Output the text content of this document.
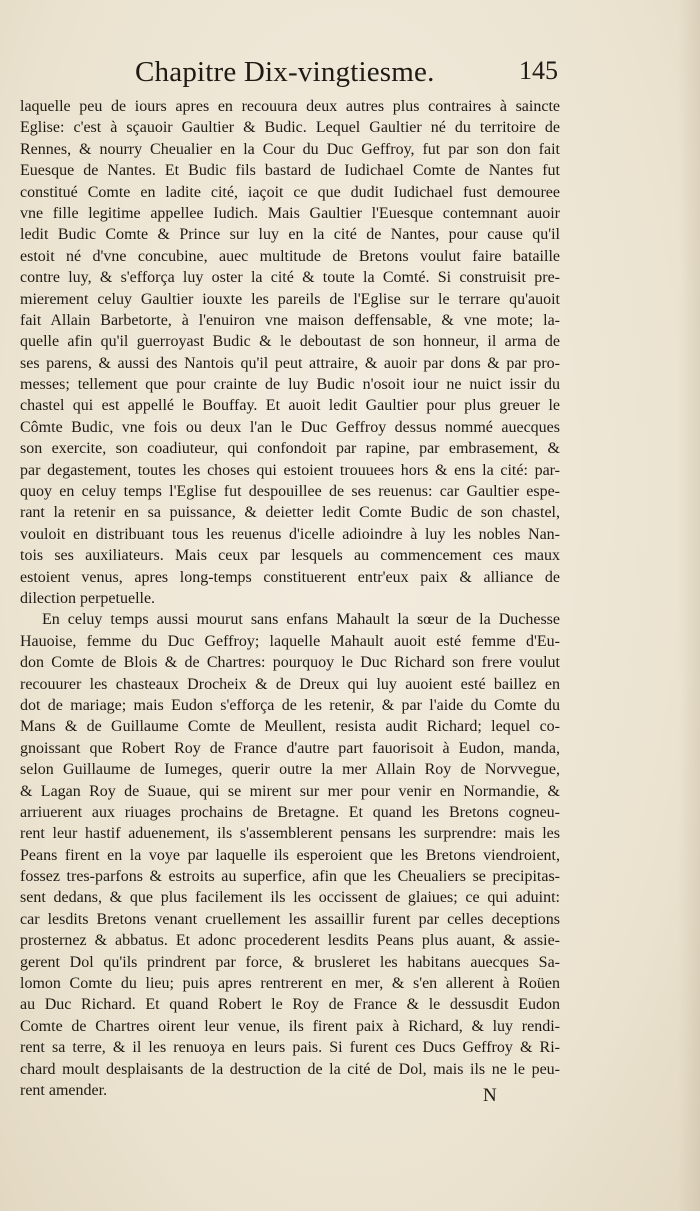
Chapitre Dix-vingtiesme.	145
laquelle peu de iours apres en recouura deux autres plus contraires à saincte
Eglise: c'est à sçauoir Gaultier & Budic. Lequel Gaultier né du territoire de
Rennes, & nourry Cheualier en la Cour du Duc Geffroy, fut par son don fait
Euesque de Nantes. Et Budic fils bastard de Iudichael Comte de Nantes fut
constitué Comte en ladite cité, iaçoit ce que dudit Iudichael fust demouree
vne fille legitime appellee Iudich. Mais Gaultier l'Euesque contemnant auoir
ledit Budic Comte & Prince sur luy en la cité de Nantes, pour cause qu'il
estoit né d'vne concubine, auec multitude de Bretons voulut faire bataille
contre luy, & s'efforça luy oster la cité & toute la Comté. Si construisit pre-
mierement celuy Gaultier iouxte les pareils de l'Eglise sur le terrare qu'auoit
fait Allain Barbetorte, à l'enuiron vne maison deffensable, & vne mote; la-
quelle afin qu'il guerroyast Budic & le deboutast de son honneur, il arma de
ses parens, & aussi des Nantois qu'il peut attraire, & auoir par dons & par pro-
messes; tellement que pour crainte de luy Budic n'osoit iour ne nuict issir du
chastel qui est appellé le Bouffay. Et auoit ledit Gaultier pour plus greuer le
Cômte Budic, vne fois ou deux l'an le Duc Geffroy dessus nommé auecques
son exercite, son coadiuteur, qui confondoit par rapine, par embrasement, &
par degastement, toutes les choses qui estoient trouuees hors & ens la cité: par-
quoy en celuy temps l'Eglise fut despouillee de ses reuenus: car Gaultier espe-
rant la retenir en sa puissance, & deietter ledit Comte Budic de son chastel,
vouloit en distribuant tous les reuenus d'icelle adioindre à luy les nobles Nan-
tois ses auxiliateurs. Mais ceux par lesquels au commencement ces maux
estoient venus, apres long-temps constituerent entr'eux paix & alliance de
dilection perpetuelle.
En celuy temps aussi mourut sans enfans Mahault la sœur de la Duchesse
Hauoise, femme du Duc Geffroy; laquelle Mahault auoit esté femme d'Eu-
don Comte de Blois & de Chartres: pourquoy le Duc Richard son frere voulut
recouurer les chasteaux Drocheix & de Dreux qui luy auoient esté baillez en
dot de mariage; mais Eudon s'efforça de les retenir, & par l'aide du Comte du
Mans & de Guillaume Comte de Meullent, resista audit Richard; lequel co-
gnoissant que Robert Roy de France d'autre part fauorisoit à Eudon, manda,
selon Guillaume de Iumeges, querir outre la mer Allain Roy de Norvvegue,
& Lagan Roy de Suaue, qui se mirent sur mer pour venir en Normandie, &
arriuerent aux riuages prochains de Bretagne. Et quand les Bretons cogneu-
rent leur hastif aduenement, ils s'assemblerent pensans les surprendre: mais les
Peans firent en la voye par laquelle ils esperoient que les Bretons viendroient,
fossez tres-parfons & estroits au superfice, afin que les Cheualiers se precipitas-
sent dedans, & que plus facilement ils les occissent de glaiues; ce qui aduint:
car lesdits Bretons venant cruellement les assaillir furent par celles deceptions
prosternez & abbatus. Et adonc procederent lesdits Peans plus auant, & assie-
gerent Dol qu'ils prindrent par force, & brusleret les habitans auecques Sa-
lomon Comte du lieu; puis apres rentrerent en mer, & s'en allerent à Roüen
au Duc Richard. Et quand Robert le Roy de France & le dessusdit Eudon
Comte de Chartres oirent leur venue, ils firent paix à Richard, & luy rendi-
rent sa terre, & il les renuoya en leurs pais. Si furent ces Ducs Geffroy & Ri-
chard moult desplaisants de la destruction de la cité de Dol, mais ils ne le peu-
rent amender.	N
